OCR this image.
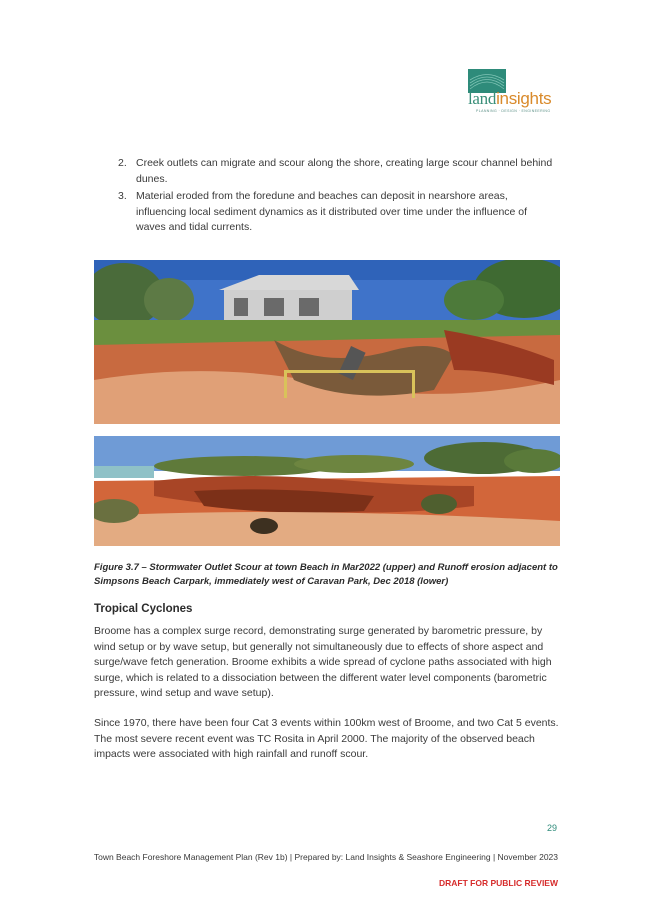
landinsights
PLANNING · DESIGN · ENGINEERING
2. Creek outlets can migrate and scour along the shore, creating large scour channel behind dunes.
3. Material eroded from the foredune and beaches can deposit in nearshore areas, influencing local sediment dynamics as it distributed over time under the influence of waves and tidal currents.
Figure 3.7 – Stormwater Outlet Scour at town Beach in Mar2022 (upper) and Runoff erosion adjacent to Simpsons Beach Carpark, immediately west of Caravan Park, Dec 2018 (lower)
Tropical Cyclones
Broome has a complex surge record, demonstrating surge generated by barometric pressure, by wind setup or by wave setup, but generally not simultaneously due to effects of shore aspect and surge/wave fetch generation. Broome exhibits a wide spread of cyclone paths associated with high surge, which is related to a dissociation between the different water level components (barometric pressure, wind setup and wave setup).
Since 1970, there have been four Cat 3 events within 100km west of Broome, and two Cat 5 events. The most severe recent event was TC Rosita in April 2000. The majority of the observed beach impacts were associated with high rainfall and runoff scour.
29
Town Beach Foreshore Management Plan (Rev 1b) | Prepared by: Land Insights & Seashore Engineering | November 2023
DRAFT FOR PUBLIC REVIEW
